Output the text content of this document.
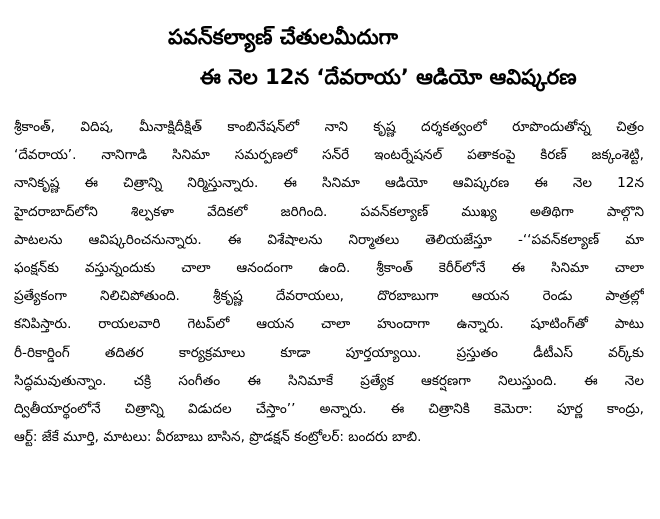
పవన్‌కల్యాణ్ చేతులమీదుగా
ఈ నెల 12న ‘దేవరాయ’ ఆడియో ఆవిష్కరణ
శ్రీకాంత్, విదిష, మీనాక్షిదీక్షిత్ కాంబినేషన్‌లో నాని కృష్ణ దర్శకత్వంలో రూపొందుతోన్న చిత్రం
‘దేవరాయ’. నానిగాడి సినిమా సమర్పణలో సన్‌రే ఇంటర్నేషనల్ పతాకంపై కిరణ్ జక్కంశెట్టి,
నానికృష్ణ ఈ చిత్రాన్ని నిర్మిస్తున్నారు. ఈ సినిమా ఆడియో ఆవిష్కరణ ఈ నెల 12న
హైదరాబాద్‌లోని శిల్పకళా వేదికలో జరిగింది. పవన్‌కల్యాణ్ ముఖ్య అతిథిగా పాల్గొని
పాటలను ఆవిష్కరించనున్నారు. ఈ విశేషాలను నిర్మాతలు తెలియజేస్తూ -‘‘పవన్‌కల్యాణ్ మా
ఫంక్షన్‌కు వస్తున్నందుకు చాలా ఆనందంగా ఉంది. శ్రీకాంత్ కెరీర్‌లోనే ఈ సినిమా చాలా
ప్రత్యేకంగా నిలిచిపోతుంది. శ్రీకృష్ణ దేవరాయలు, దొరబాబుగా ఆయన రెండు పాత్రల్లో
కనిపిస్తారు. రాయలవారి గెటప్‌లో ఆయన చాలా హుందాగా ఉన్నారు. షూటింగ్‌తో పాటు
రీ-రికార్డింగ్ తదితర కార్యక్రమాలు కూడా పూర్తయ్యాయి. ప్రస్తుతం డీటీఎస్ వర్క్‌కు
సిద్ధమవుతున్నాం. చక్రి సంగీతం ఈ సినిమాకే ప్రత్యేక ఆకర్షణగా నిలుస్తుంది. ఈ నెల
ద్వితీయార్థంలోనే చిత్రాన్ని విడుదల చేస్తాం’’ అన్నారు. ఈ చిత్రానికి కెమెరా: పూర్ణ కాంద్రు,
ఆర్ట్: జేకే మూర్తి, మాటలు: వీరబాబు బాసిన, ప్రొడక్షన్ కంట్రోలర్: బందరు బాబి.
